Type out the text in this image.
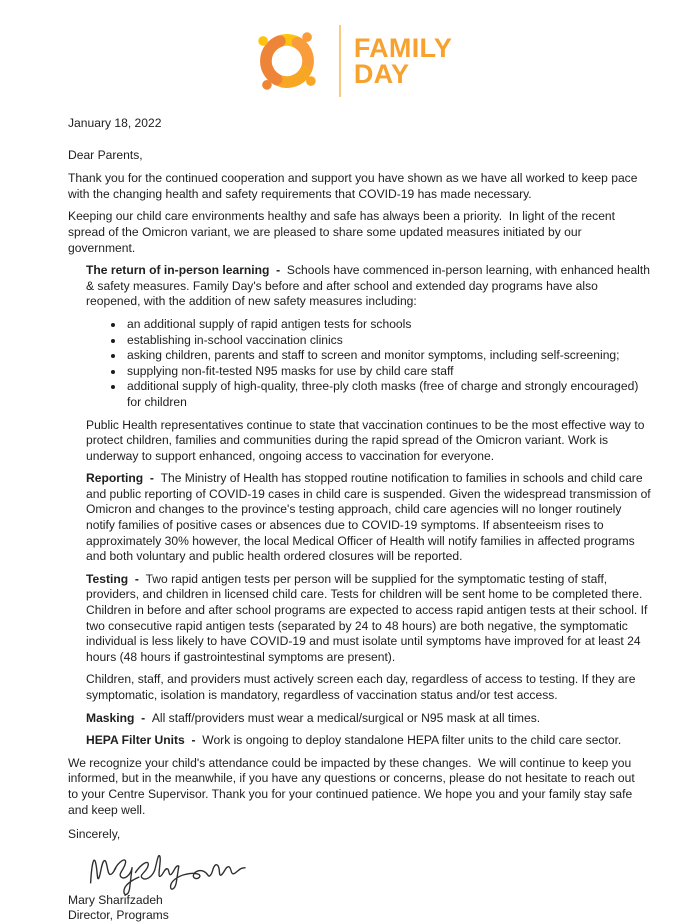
FAMILY
DAY

January 18, 2022

Dear Parents,

Thank you for the continued cooperation and support you have shown as we have all worked to keep pace with the changing health and safety requirements that COVID-19 has made necessary.

Keeping our child care environments healthy and safe has always been a priority.  In light of the recent spread of the Omicron variant, we are pleased to share some updated measures initiated by our government.

The return of in-person learning  -  Schools have commenced in-person learning, with enhanced health & safety measures. Family Day's before and after school and extended day programs have also reopened, with the addition of new safety measures including:

• an additional supply of rapid antigen tests for schools
• establishing in-school vaccination clinics
• asking children, parents and staff to screen and monitor symptoms, including self-screening;
• supplying non-fit-tested N95 masks for use by child care staff
• additional supply of high-quality, three-ply cloth masks (free of charge and strongly encouraged) for children

Public Health representatives continue to state that vaccination continues to be the most effective way to protect children, families and communities during the rapid spread of the Omicron variant. Work is underway to support enhanced, ongoing access to vaccination for everyone.

Reporting  -  The Ministry of Health has stopped routine notification to families in schools and child care and public reporting of COVID-19 cases in child care is suspended. Given the widespread transmission of Omicron and changes to the province's testing approach, child care agencies will no longer routinely notify families of positive cases or absences due to COVID-19 symptoms. If absenteeism rises to approximately 30% however, the local Medical Officer of Health will notify families in affected programs and both voluntary and public health ordered closures will be reported.

Testing  -  Two rapid antigen tests per person will be supplied for the symptomatic testing of staff, providers, and children in licensed child care. Tests for children will be sent home to be completed there.  Children in before and after school programs are expected to access rapid antigen tests at their school. If two consecutive rapid antigen tests (separated by 24 to 48 hours) are both negative, the symptomatic individual is less likely to have COVID-19 and must isolate until symptoms have improved for at least 24 hours (48 hours if gastrointestinal symptoms are present).

Children, staff, and providers must actively screen each day, regardless of access to testing. If they are symptomatic, isolation is mandatory, regardless of vaccination status and/or test access.

Masking  -  All staff/providers must wear a medical/surgical or N95 mask at all times.

HEPA Filter Units  -  Work is ongoing to deploy standalone HEPA filter units to the child care sector.

We recognize your child's attendance could be impacted by these changes.  We will continue to keep you informed, but in the meanwhile, if you have any questions or concerns, please do not hesitate to reach out to your Centre Supervisor. Thank you for your continued patience. We hope you and your family stay safe and keep well.

Sincerely,

Mary Sharifzadeh

Director, Programs
